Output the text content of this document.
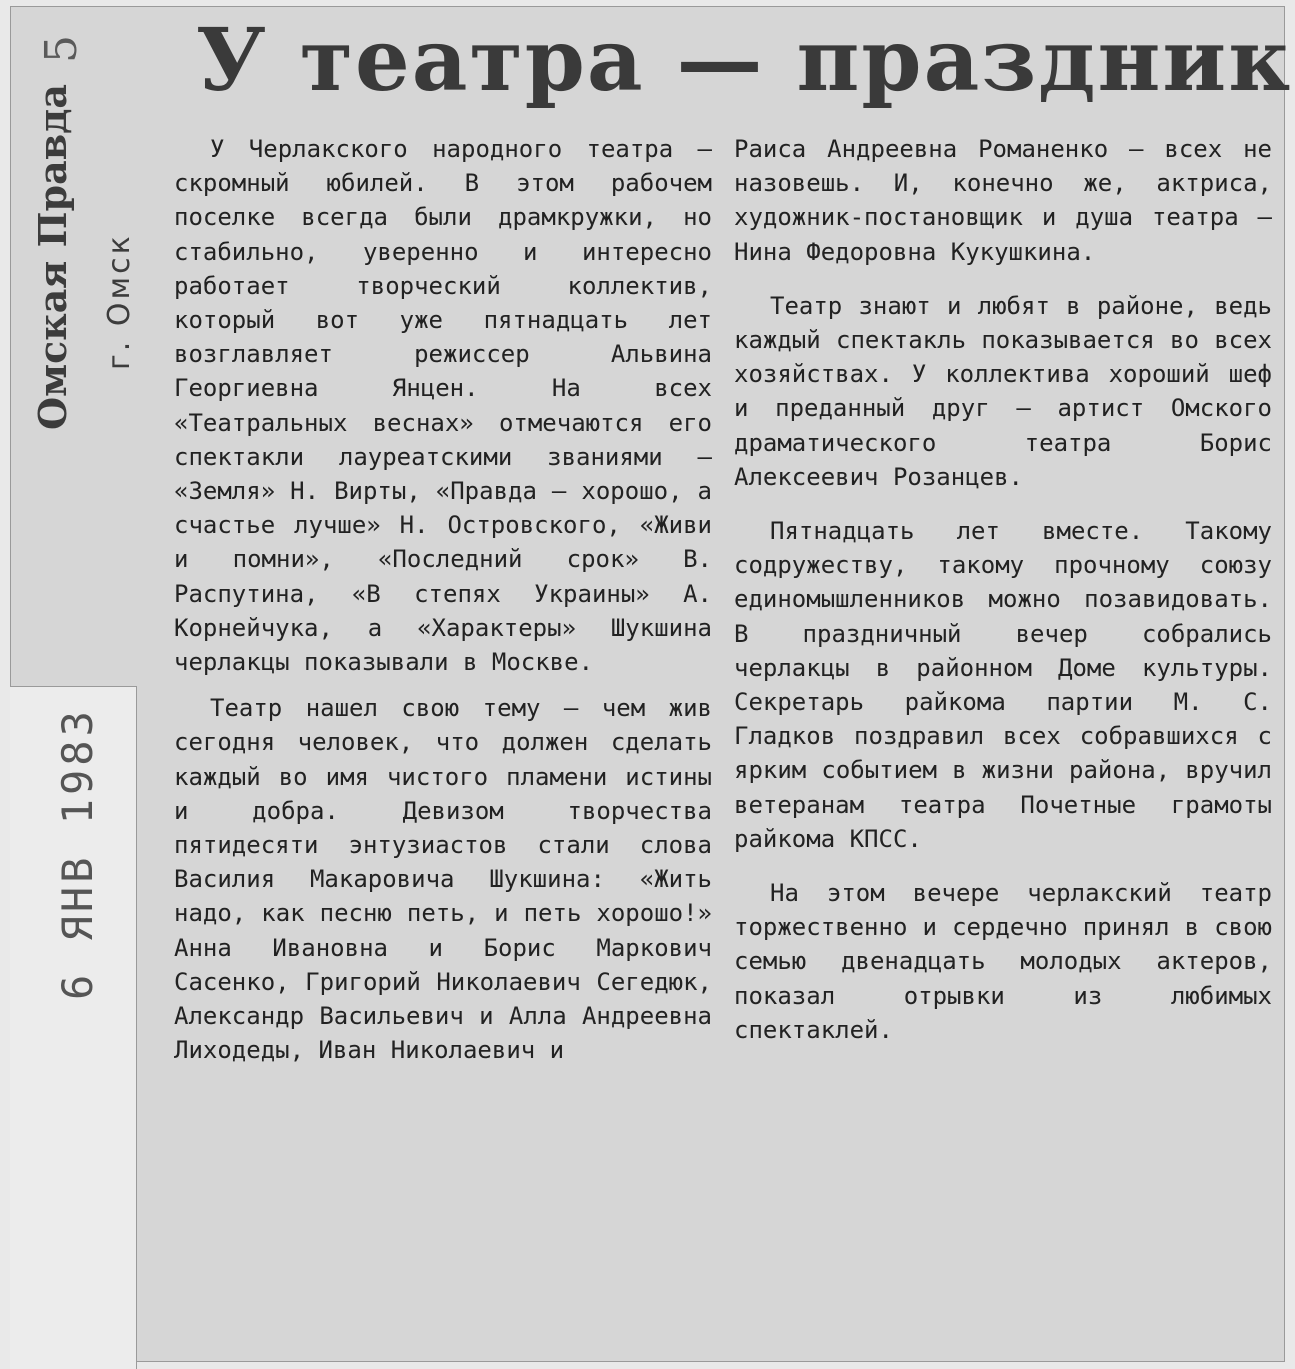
5
Омская Правда г. Омск
6 ЯНВ 1983
У театра — праздник

У Черлакского народного театра — скромный юбилей. В этом рабочем поселке всегда были драмкружки, но стабильно, уверенно и интересно работает творческий коллектив, который вот уже пятнадцать лет возглавляет режиссер Альвина Георгиевна Янцен. На всех «Театральных веснах» отмечаются его спектакли лауреатскими званиями — «Земля» Н. Вирты, «Правда — хорошо, а счастье лучше» Н. Островского, «Живи и помни», «Последний срок» В. Распутина, «В степях Украины» А. Корнейчука, а «Характеры» Шукшина черлакцы показывали в Москве.

Театр нашел свою тему — чем жив сегодня человек, что должен сделать каждый во имя чистого пламени истины и добра. Девизом творчества пятидесяти энтузиастов стали слова Василия Макаровича Шукшина: «Жить надо, как песню петь, и петь хорошо!» Анна Ивановна и Борис Маркович Сасенко, Григорий Николаевич Сегедюк, Александр Васильевич и Алла Андреевна Лиходеды, Иван Николаевич и

Раиса Андреевна Романенко — всех не назовешь. И, конечно же, актриса, художник-постановщик и душа театра — Нина Федоровна Кукушкина.

Театр знают и любят в районе, ведь каждый спектакль показывается во всех хозяйствах. У коллектива хороший шеф и преданный друг — артист Омского драматического театра Борис Алексеевич Розанцев.

Пятнадцать лет вместе. Такому содружеству, такому прочному союзу единомышленников можно позавидовать. В праздничный вечер собрались черлакцы в районном Доме культуры. Секретарь райкома партии М. С. Гладков поздравил всех собравшихся с ярким событием в жизни района, вручил ветеранам театра Почетные грамоты райкома КПСС.

На этом вечере черлакский театр торжественно и сердечно принял в свою семью двенадцать молодых актеров, показал отрывки из любимых спектаклей.
